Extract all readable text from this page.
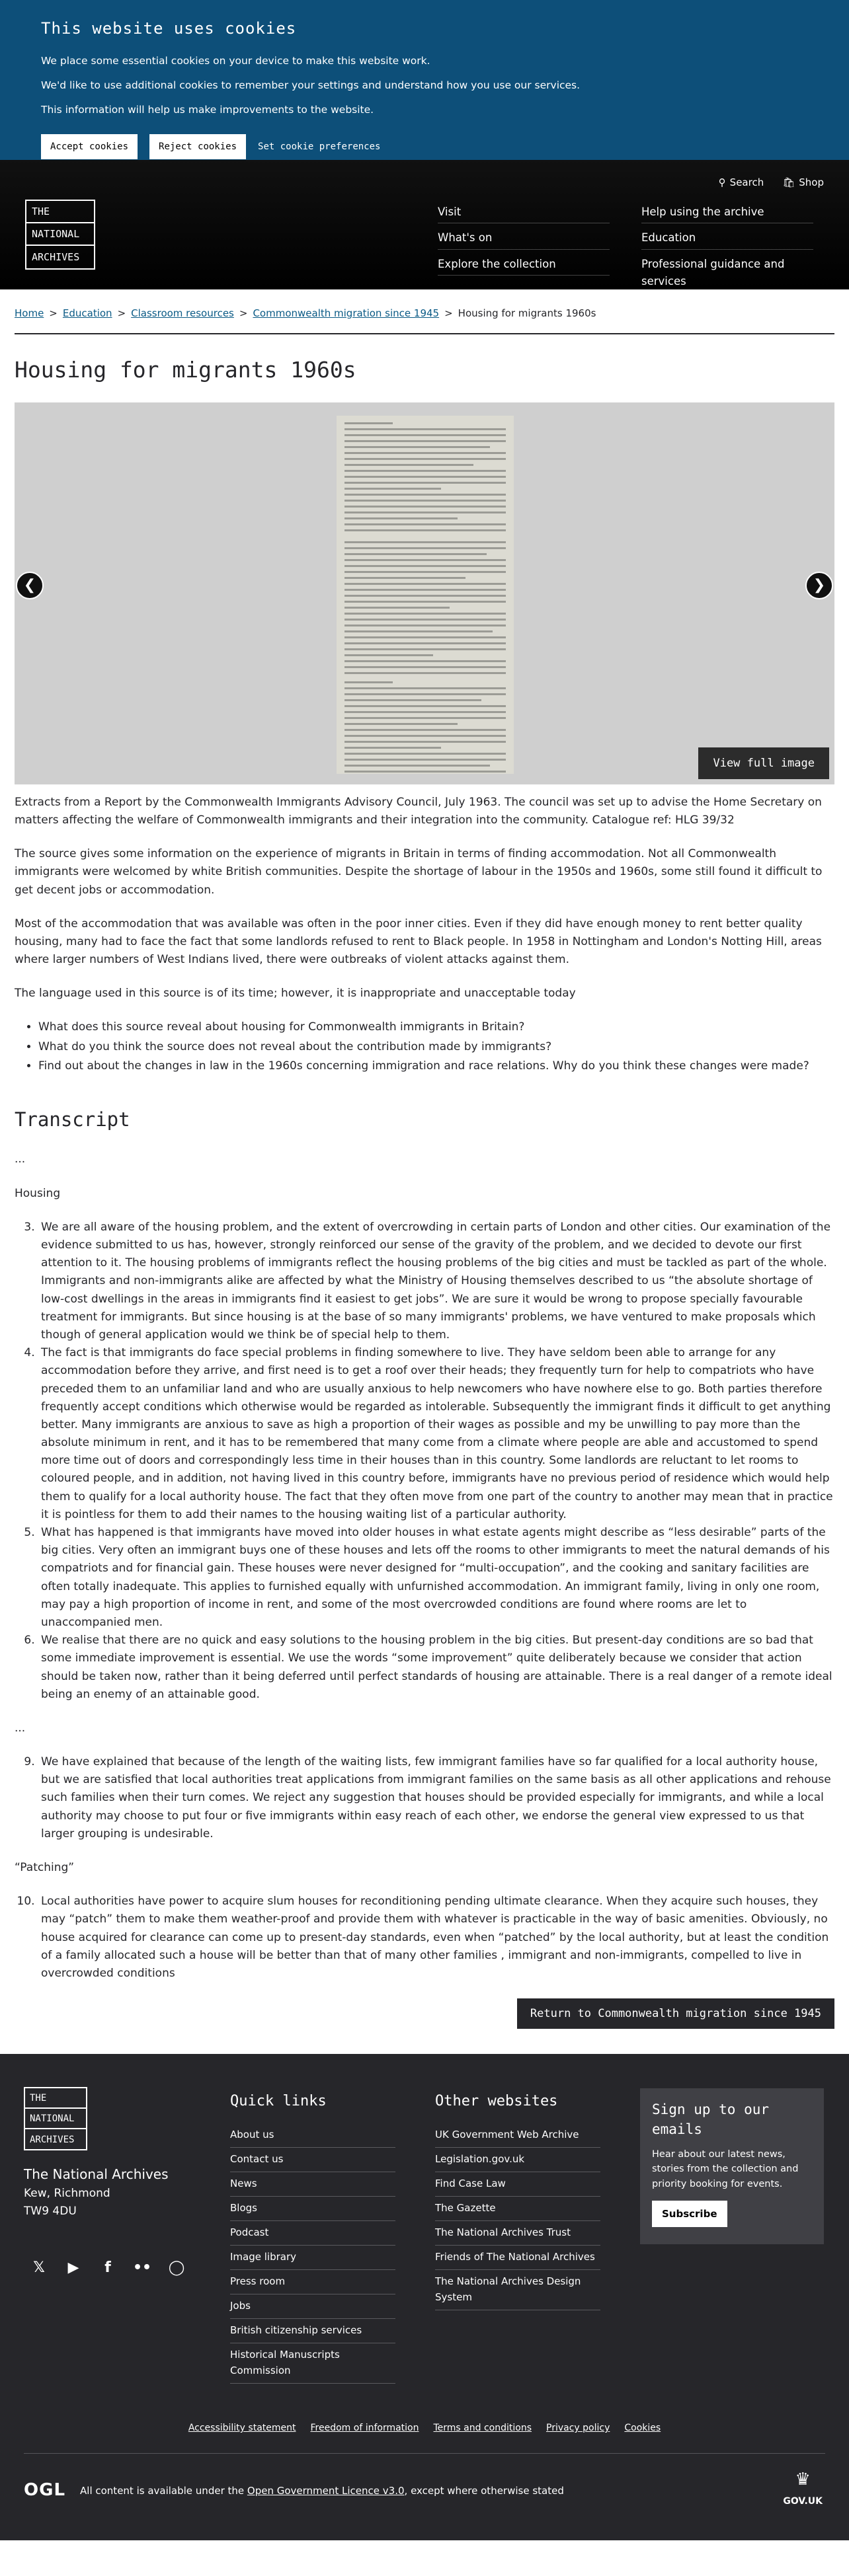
This website uses cookies

We place some essential cookies on your device to make this website work.

We'd like to use additional cookies to remember your settings and understand how you use our services.

This information will help us make improvements to the website.

Accept cookies	Reject cookies	Set cookie preferences
⚲ Search 🛍 Shop
THE
NATIONAL
ARCHIVES
Visit
What's on
Explore the collection
Help using the archive
Education
Professional guidance and services
Home > Education > Classroom resources > Commonwealth migration since 1945 > Housing for migrants 1960s
Housing for migrants 1960s
❮	❯
View full image

Extracts from a Report by the Commonwealth Immigrants Advisory Council, July 1963. The council was set up to advise the Home Secretary on matters affecting the welfare of Commonwealth immigrants and their integration into the community. Catalogue ref: HLG 39/32

The source gives some information on the experience of migrants in Britain in terms of finding accommodation. Not all Commonwealth immigrants were welcomed by white British communities. Despite the shortage of labour in the 1950s and 1960s, some still found it difficult to get decent jobs or accommodation.

Most of the accommodation that was available was often in the poor inner cities. Even if they did have enough money to rent better quality housing, many had to face the fact that some landlords refused to rent to Black people. In 1958 in Nottingham and London's Notting Hill, areas where larger numbers of West Indians lived, there were outbreaks of violent attacks against them.

The language used in this source is of its time; however, it is inappropriate and unacceptable today

• What does this source reveal about housing for Commonwealth immigrants in Britain?
• What do you think the source does not reveal about the contribution made by immigrants?
• Find out about the changes in law in the 1960s concerning immigration and race relations. Why do you think these changes were made?
Transcript

...

Housing

3. We are all aware of the housing problem, and the extent of overcrowding in certain parts of London and other cities. Our examination of the evidence submitted to us has, however, strongly reinforced our sense of the gravity of the problem, and we decided to devote our first attention to it. The housing problems of immigrants reflect the housing problems of the big cities and must be tackled as part of the whole. Immigrants and non-immigrants alike are affected by what the Ministry of Housing themselves described to us “the absolute shortage of low-cost dwellings in the areas in immigrants find it easiest to get jobs”. We are sure it would be wrong to propose specially favourable treatment for immigrants. But since housing is at the base of so many immigrants' problems, we have ventured to make proposals which though of general application would we think be of special help to them.
4. The fact is that immigrants do face special problems in finding somewhere to live. They have seldom been able to arrange for any accommodation before they arrive, and first need is to get a roof over their heads; they frequently turn for help to compatriots who have preceded them to an unfamiliar land and who are usually anxious to help newcomers who have nowhere else to go. Both parties therefore frequently accept conditions which otherwise would be regarded as intolerable. Subsequently the immigrant finds it difficult to get anything better. Many immigrants are anxious to save as high a proportion of their wages as possible and my be unwilling to pay more than the absolute minimum in rent, and it has to be remembered that many come from a climate where people are able and accustomed to spend more time out of doors and correspondingly less time in their houses than in this country. Some landlords are reluctant to let rooms to coloured people, and in addition, not having lived in this country before, immigrants have no previous period of residence which would help them to qualify for a local authority house. The fact that they often move from one part of the country to another may mean that in practice it is pointless for them to add their names to the housing waiting list of a particular authority.
5. What has happened is that immigrants have moved into older houses in what estate agents might describe as “less desirable” parts of the big cities. Very often an immigrant buys one of these houses and lets off the rooms to other immigrants to meet the natural demands of his compatriots and for financial gain. These houses were never designed for “multi-occupation”, and the cooking and sanitary facilities are often totally inadequate. This applies to furnished equally with unfurnished accommodation. An immigrant family, living in only one room, may pay a high proportion of income in rent, and some of the most overcrowded conditions are found where rooms are let to unaccompanied men.
6. We realise that there are no quick and easy solutions to the housing problem in the big cities. But present-day conditions are so bad that some immediate improvement is essential. We use the words “some improvement” quite deliberately because we consider that action should be taken now, rather than it being deferred until perfect standards of housing are attainable. There is a real danger of a remote ideal being an enemy of an attainable good.

...

9. We have explained that because of the length of the waiting lists, few immigrant families have so far qualified for a local authority house, but we are satisfied that local authorities treat applications from immigrant families on the same basis as all other applications and rehouse such families when their turn comes. We reject any suggestion that houses should be provided especially for immigrants, and while a local authority may choose to put four or five immigrants within easy reach of each other, we endorse the general view expressed to us that larger grouping is undesirable.

“Patching”

10. Local authorities have power to acquire slum houses for reconditioning pending ultimate clearance. When they acquire such houses, they may “patch” them to make them weather-proof and provide them with whatever is practicable in the way of basic amenities. Obviously, no house acquired for clearance can come up to present-day standards, even when “patched” by the local authority, but at least the condition of a family allocated such a house will be better than that of many other families , immigrant and non-immigrants, compelled to live in overcrowded conditions
Return to Commonwealth migration since 1945
THE
NATIONAL
ARCHIVES
The National Archives
Kew, Richmond
TW9 4DU
𝕏 ▶	f	•• ◯
Quick links
About us
Contact us
News
Blogs
Podcast
Image library
Press room
Jobs
British citizenship services
Historical Manuscripts Commission
Other websites
UK Government Web Archive
Legislation.gov.uk
Find Case Law
The Gazette
The National Archives Trust
Friends of The National Archives
The National Archives Design System
Sign up to our emails

Hear about our latest news, stories from the collection and priority booking for events.

Subscribe
Accessibility statement Freedom of information Terms and conditions Privacy policy Cookies
OGL All content is available under the Open Government Licence v3.0, except where otherwise stated
♛
GOV.UK
